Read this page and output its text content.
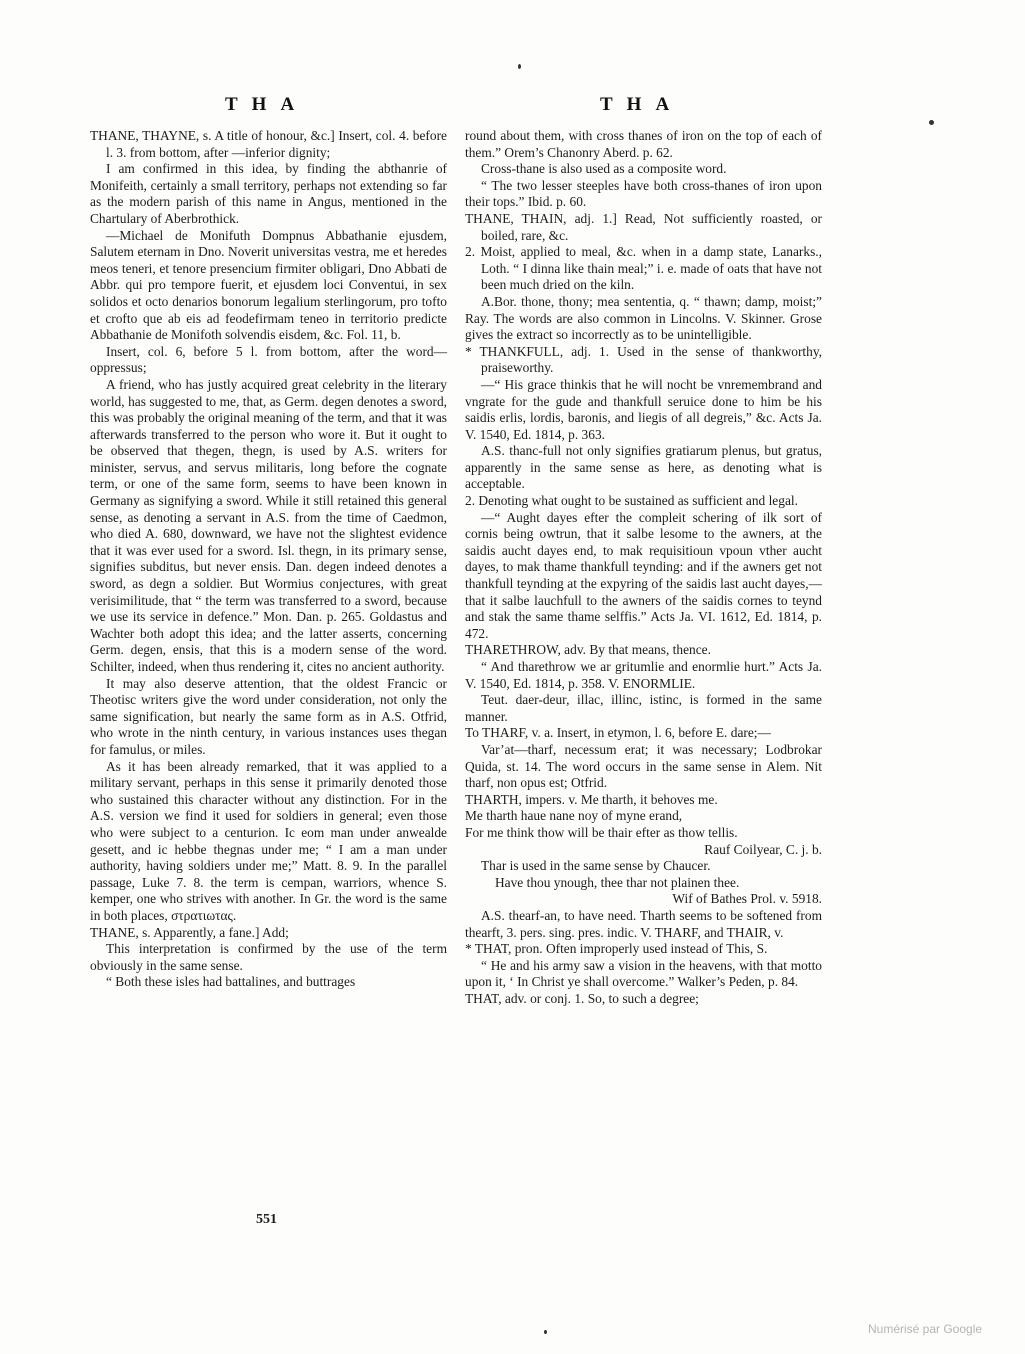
THA	THA

THANE, THAYNE, s. A title of honour, &c.] Insert, col. 4. before l. 3. from bottom, after —inferior dignity;

I am confirmed in this idea, by finding the abthanrie of Monifeith, certainly a small territory, perhaps not extending so far as the modern parish of this name in Angus, mentioned in the Chartulary of Aberbrothick.

—Michael de Monifuth Dompnus Abbathanie ejusdem, Salutem eternam in Dno. Noverit universitas vestra, me et heredes meos teneri, et tenore presencium firmiter obligari, Dno Abbati de Abbr. qui pro tempore fuerit, et ejusdem loci Conventui, in sex solidos et octo denarios bonorum legalium sterlingorum, pro tofto et crofto que ab eis ad feodefirmam teneo in territorio predicte Abbathanie de Monifoth solvendis eisdem, &c. Fol. 11, b.

Insert, col. 6, before 5 l. from bottom, after the word—oppressus;

A friend, who has justly acquired great celebrity in the literary world, has suggested to me, that, as Germ. degen denotes a sword, this was probably the original meaning of the term, and that it was afterwards transferred to the person who wore it. But it ought to be observed that thegen, thegn, is used by A.S. writers for minister, servus, and servus militaris, long before the cognate term, or one of the same form, seems to have been known in Germany as signifying a sword. While it still retained this general sense, as denoting a servant in A.S. from the time of Caedmon, who died A. 680, downward, we have not the slightest evidence that it was ever used for a sword. Isl. thegn, in its primary sense, signifies subditus, but never ensis. Dan. degen indeed denotes a sword, as degn a soldier. But Wormius conjectures, with great verisimilitude, that “ the term was transferred to a sword, because we use its service in defence.” Mon. Dan. p. 265. Goldastus and Wachter both adopt this idea; and the latter asserts, concerning Germ. degen, ensis, that this is a modern sense of the word. Schilter, indeed, when thus rendering it, cites no ancient authority.

It may also deserve attention, that the oldest Francic or Theotisc writers give the word under consideration, not only the same signification, but nearly the same form as in A.S. Otfrid, who wrote in the ninth century, in various instances uses thegan for famulus, or miles.

As it has been already remarked, that it was applied to a military servant, perhaps in this sense it primarily denoted those who sustained this character without any distinction. For in the A.S. version we find it used for soldiers in general; even those who were subject to a centurion. Ic eom man under anwealde gesett, and ic hebbe thegnas under me; “ I am a man under authority, having soldiers under me;” Matt. 8. 9. In the parallel passage, Luke 7. 8. the term is cempan, warriors, whence S. kemper, one who strives with another. In Gr. the word is the same in both places, στρατιωτας.

THANE, s. Apparently, a fane.] Add;

This interpretation is confirmed by the use of the term obviously in the same sense.

“ Both these isles had battalines, and buttrages

round about them, with cross thanes of iron on the top of each of them.” Orem’s Chanonry Aberd. p. 62.

Cross-thane is also used as a composite word.

“ The two lesser steeples have both cross-thanes of iron upon their tops.” Ibid. p. 60.

THANE, THAIN, adj. 1.] Read, Not sufficiently roasted, or boiled, rare, &c.

2. Moist, applied to meal, &c. when in a damp state, Lanarks., Loth. “ I dinna like thain meal;” i. e. made of oats that have not been much dried on the kiln.

A.Bor. thone, thony; mea sententia, q. “ thawn; damp, moist;” Ray. The words are also common in Lincolns. V. Skinner. Grose gives the extract so incorrectly as to be unintelligible.

* THANKFULL, adj. 1. Used in the sense of thankworthy, praiseworthy.

—“ His grace thinkis that he will nocht be vnremembrand and vngrate for the gude and thankfull seruice done to him be his saidis erlis, lordis, baronis, and liegis of all degreis,” &c. Acts Ja. V. 1540, Ed. 1814, p. 363.

A.S. thanc-full not only signifies gratiarum plenus, but gratus, apparently in the same sense as here, as denoting what is acceptable.

2. Denoting what ought to be sustained as sufficient and legal.

—“ Aught dayes efter the compleit schering of ilk sort of cornis being owtrun, that it salbe lesome to the awners, at the saidis aucht dayes end, to mak requisitioun vpoun vther aucht dayes, to mak thame thankfull teynding: and if the awners get not thankfull teynding at the expyring of the saidis last aucht dayes,—that it salbe lauchfull to the awners of the saidis cornes to teynd and stak the same thame selffis.” Acts Ja. VI. 1612, Ed. 1814, p. 472.

THARETHROW, adv. By that means, thence.

“ And tharethrow we ar gritumlie and enormlie hurt.” Acts Ja. V. 1540, Ed. 1814, p. 358. V. ENORMLIE.

Teut. daer-deur, illac, illinc, istinc, is formed in the same manner.

To THARF, v. a. Insert, in etymon, l. 6, before E. dare;—

Var’at—tharf, necessum erat; it was necessary; Lodbrokar Quida, st. 14. The word occurs in the same sense in Alem. Nit tharf, non opus est; Otfrid.

THARTH, impers. v. Me tharth, it behoves me.

Me tharth haue nane noy of myne erand,

For me think thow will be thair efter as thow tellis.

Rauf Coilyear, C. j. b.

Thar is used in the same sense by Chaucer.

Have thou ynough, thee thar not plainen thee.

Wif of Bathes Prol. v. 5918.

A.S. thearf-an, to have need. Tharth seems to be softened from thearft, 3. pers. sing. pres. indic. V. THARF, and THAIR, v.

* THAT, pron. Often improperly used instead of This, S.

“ He and his army saw a vision in the heavens, with that motto upon it, ‘ In Christ ye shall overcome.” Walker’s Peden, p. 84.

THAT, adv. or conj. 1. So, to such a degree;

551
Numérisé par Google
